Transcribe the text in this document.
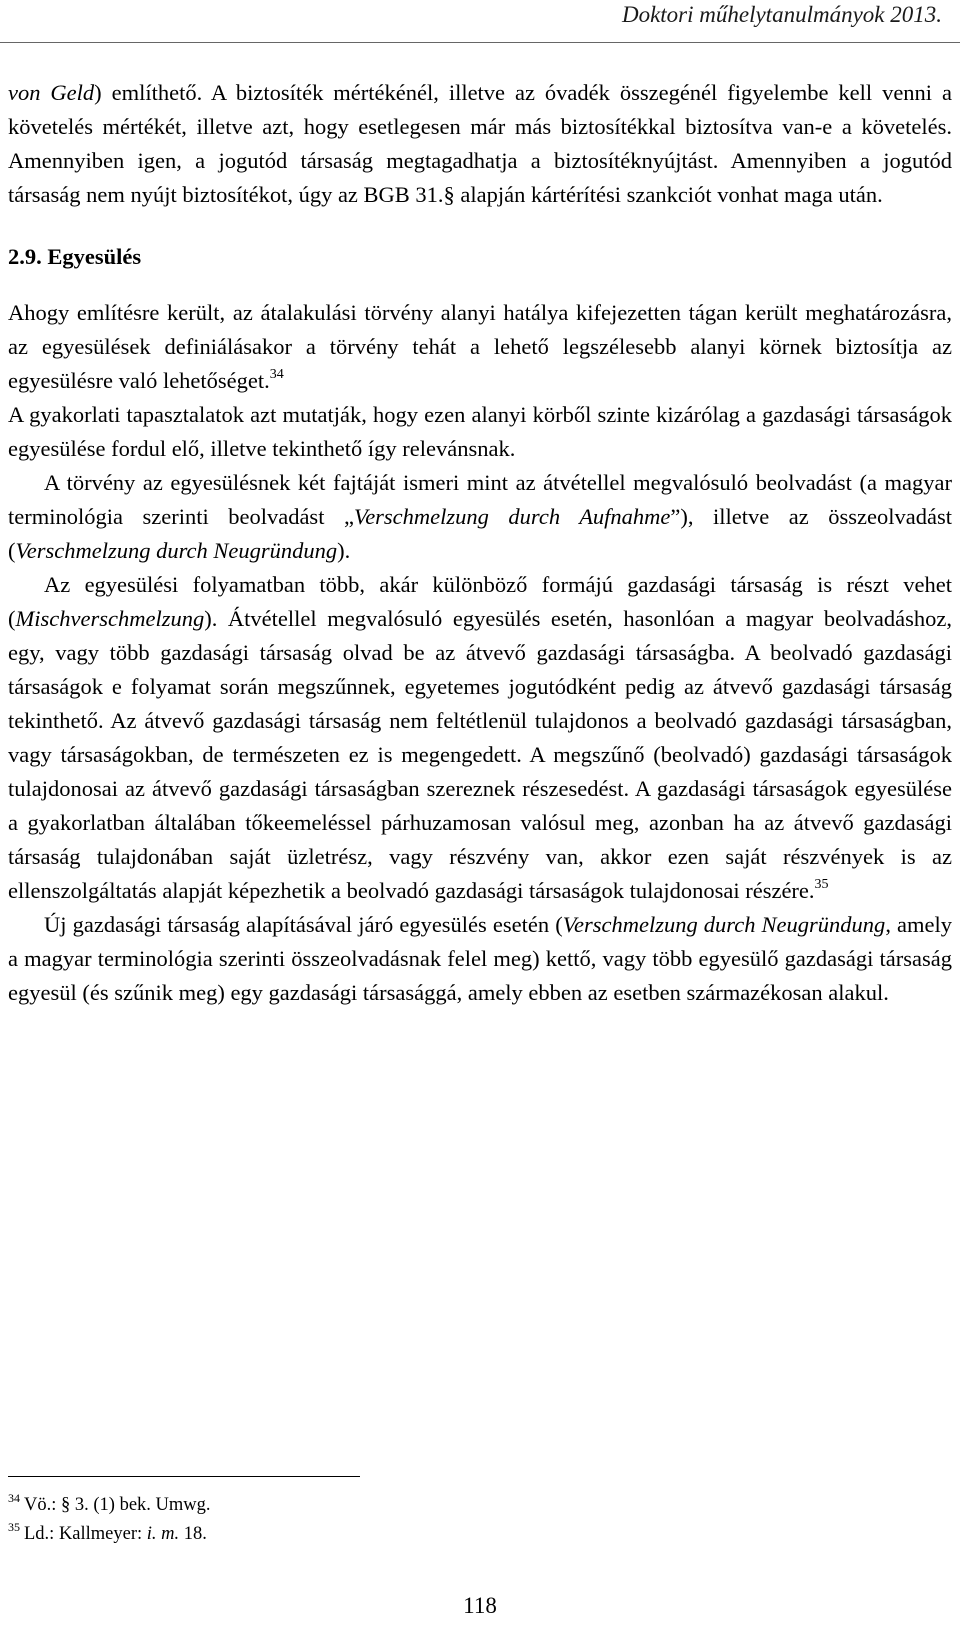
Doktori műhelytanulmányok 2013.

von Geld) említhető. A biztosíték mértékénél, illetve az óvadék összegénél figyelembe kell venni a követelés mértékét, illetve azt, hogy esetlegesen már más biztosítékkal biztosítva van-e a követelés. Amennyiben igen, a jogutód társaság megtagadhatja a biztosítéknyújtást. Amennyiben a jogutód társaság nem nyújt biztosítékot, úgy az BGB 31.§ alapján kártérítési szankciót vonhat maga után.

2.9. Egyesülés

Ahogy említésre került, az átalakulási törvény alanyi hatálya kifejezetten tágan került meghatározásra, az egyesülések definiálásakor a törvény tehát a lehető legszélesebb alanyi körnek biztosítja az egyesülésre való lehetőséget.$^{34}$
A gyakorlati tapasztalatok azt mutatják, hogy ezen alanyi körből szinte kizárólag a gazdasági társaságok egyesülése fordul elő, illetve tekinthető így relevánsnak.

A törvény az egyesülésnek két fajtáját ismeri mint az átvétellel megvalósuló beolvadást (a magyar terminológia szerinti beolvadást „Verschmelzung durch Aufnahme”), illetve az összeolvadást (Verschmelzung durch Neugründung).

Az egyesülési folyamatban több, akár különböző formájú gazdasági társaság is részt vehet (Mischverschmelzung). Átvétellel megvalósuló egyesülés esetén, hasonlóan a magyar beolvadáshoz, egy, vagy több gazdasági társaság olvad be az átvevő gazdasági társaságba. A beolvadó gazdasági társaságok e folyamat során megszűnnek, egyetemes jogutódként pedig az átvevő gazdasági társaság tekinthető. Az átvevő gazdasági társaság nem feltétlenül tulajdonos a beolvadó gazdasági társaságban, vagy társaságokban, de természeten ez is megengedett. A megszűnő (beolvadó) gazdasági társaságok tulajdonosai az átvevő gazdasági társaságban szereznek részesedést. A gazdasági társaságok egyesülése a gyakorlatban általában tőkeemeléssel párhuzamosan valósul meg, azonban ha az átvevő gazdasági társaság tulajdonában saját üzletrész, vagy részvény van, akkor ezen saját részvények is az ellenszolgáltatás alapját képezhetik a beolvadó gazdasági társaságok tulajdonosai részére.$^{35}$

Új gazdasági társaság alapításával járó egyesülés esetén (Verschmelzung durch Neugründung, amely a magyar terminológia szerinti összeolvadásnak felel meg) kettő, vagy több egyesülő gazdasági társaság egyesül (és szűnik meg) egy gazdasági társasággá, amely ebben az esetben származékosan alakul.

$^{34}$ Vö.: § 3. (1) bek. Umwg.
$^{35}$ Ld.: Kallmeyer: i. m. 18.
118
